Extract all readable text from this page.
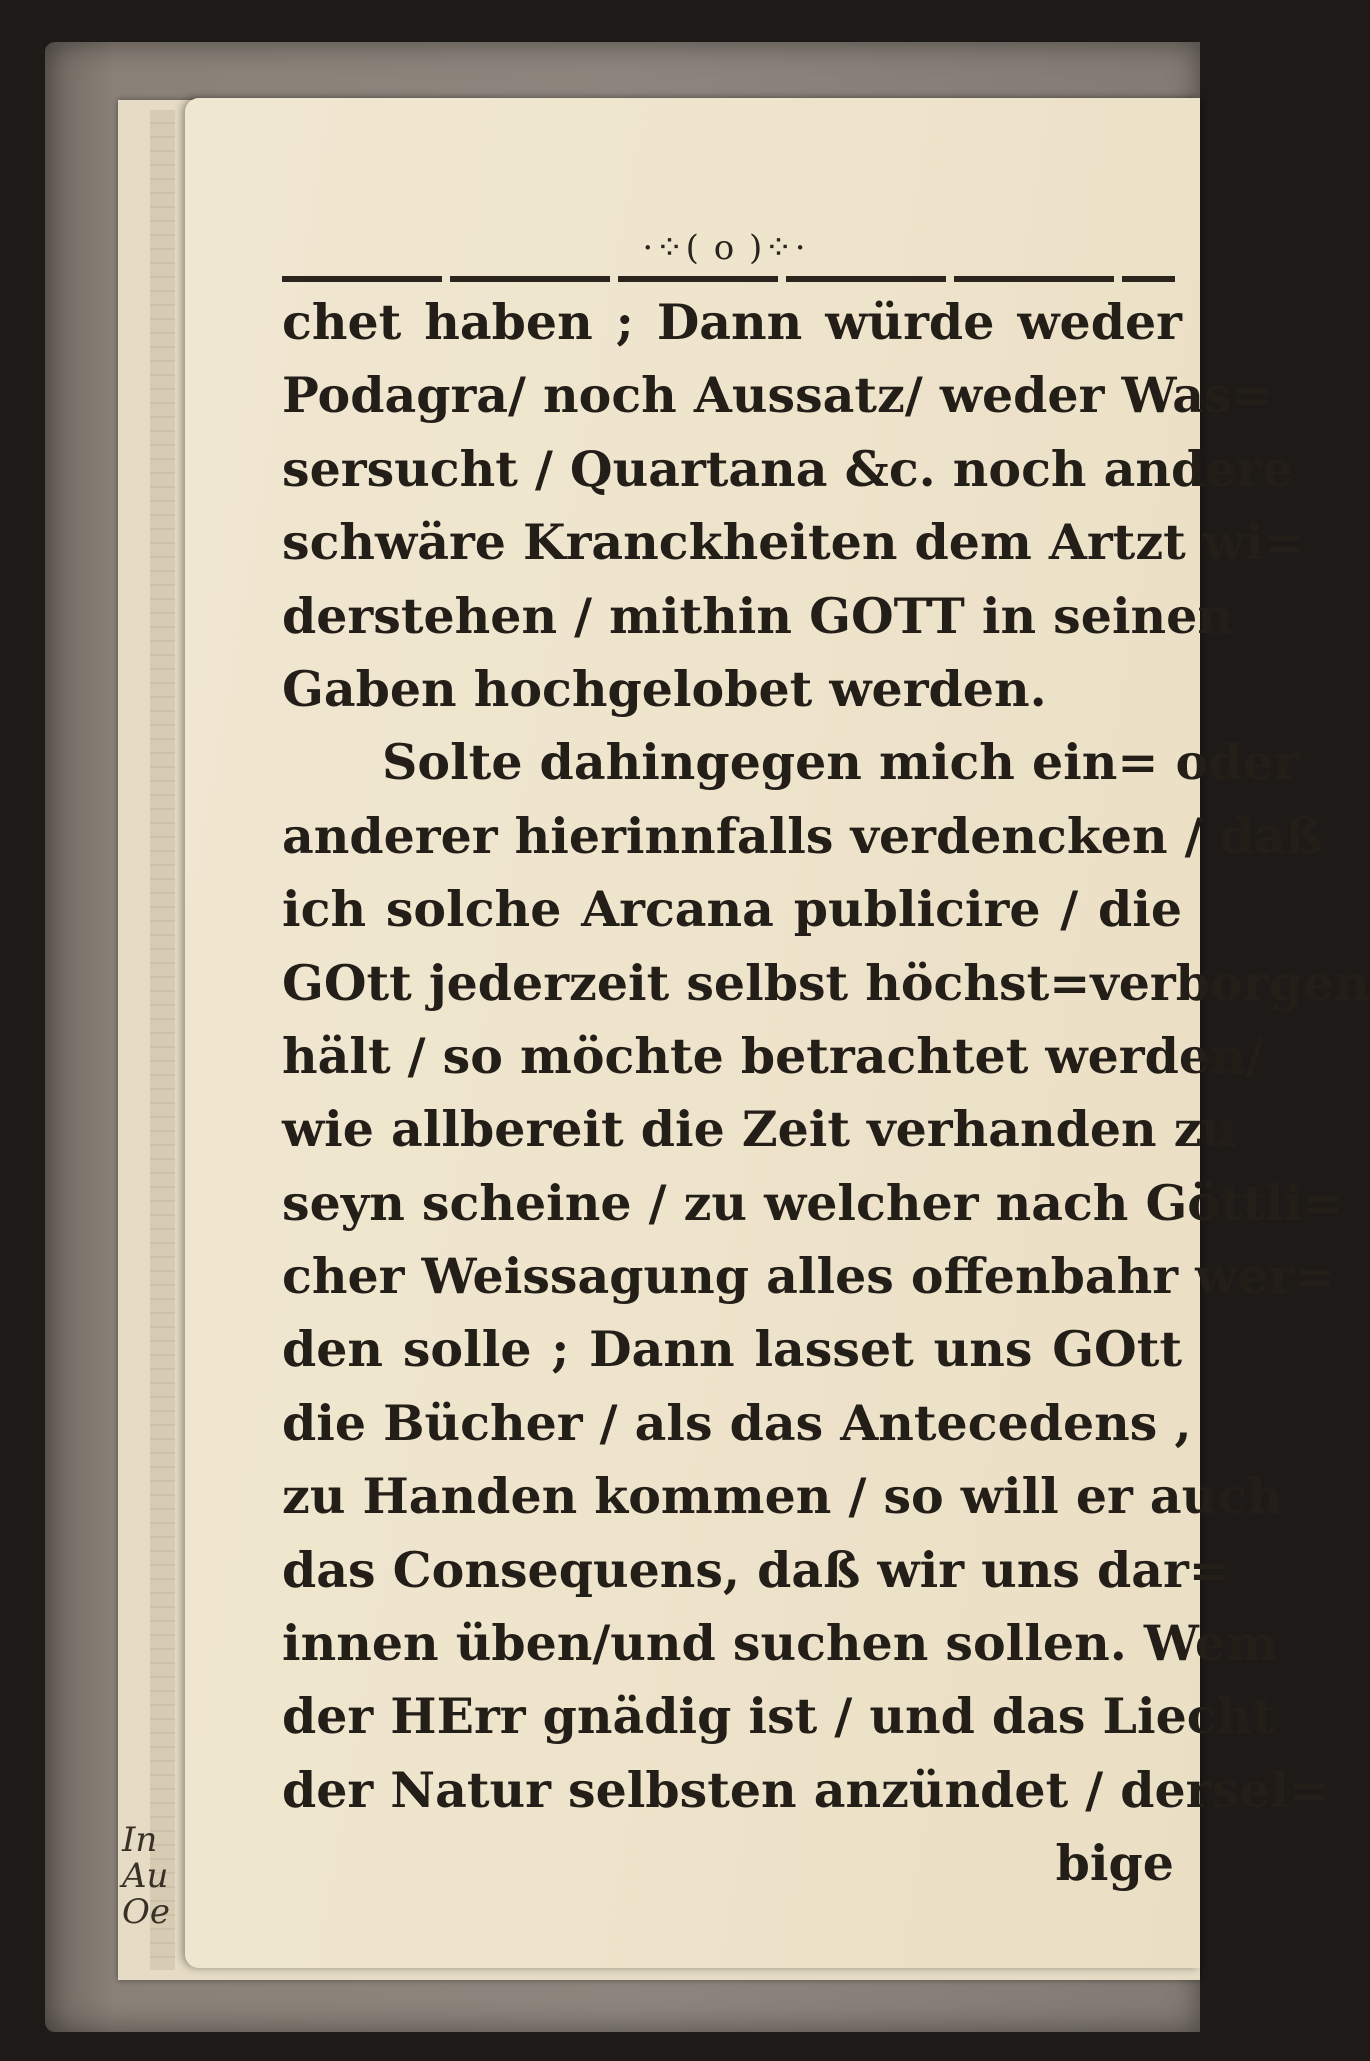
In
Au
Oe
·⁘( o )⁘·
chet haben ; Dann würde weder
Podagra/ noch Aussatz/ weder Was=
sersucht / Quartana &c. noch andere
schwäre Kranckheiten dem Artzt wi=
derstehen / mithin GOTT in seinen
Gaben hochgelobet werden.
Solte dahingegen mich ein= oder
anderer hierinnfalls verdencken / daß
ich solche Arcana publicire / die
GOtt jederzeit selbst höchst=verborgen
hält / so möchte betrachtet werden/
wie allbereit die Zeit verhanden zu
seyn scheine / zu welcher nach Göttli=
cher Weissagung alles offenbahr wer=
den solle ; Dann lasset uns GOtt
die Bücher / als das Antecedens ,
zu Handen kommen / so will er auch
das Consequens, daß wir uns dar=
innen üben/und suchen sollen. Wem
der HErr gnädig ist / und das Liecht
der Natur selbsten anzündet / dersel=
bige
